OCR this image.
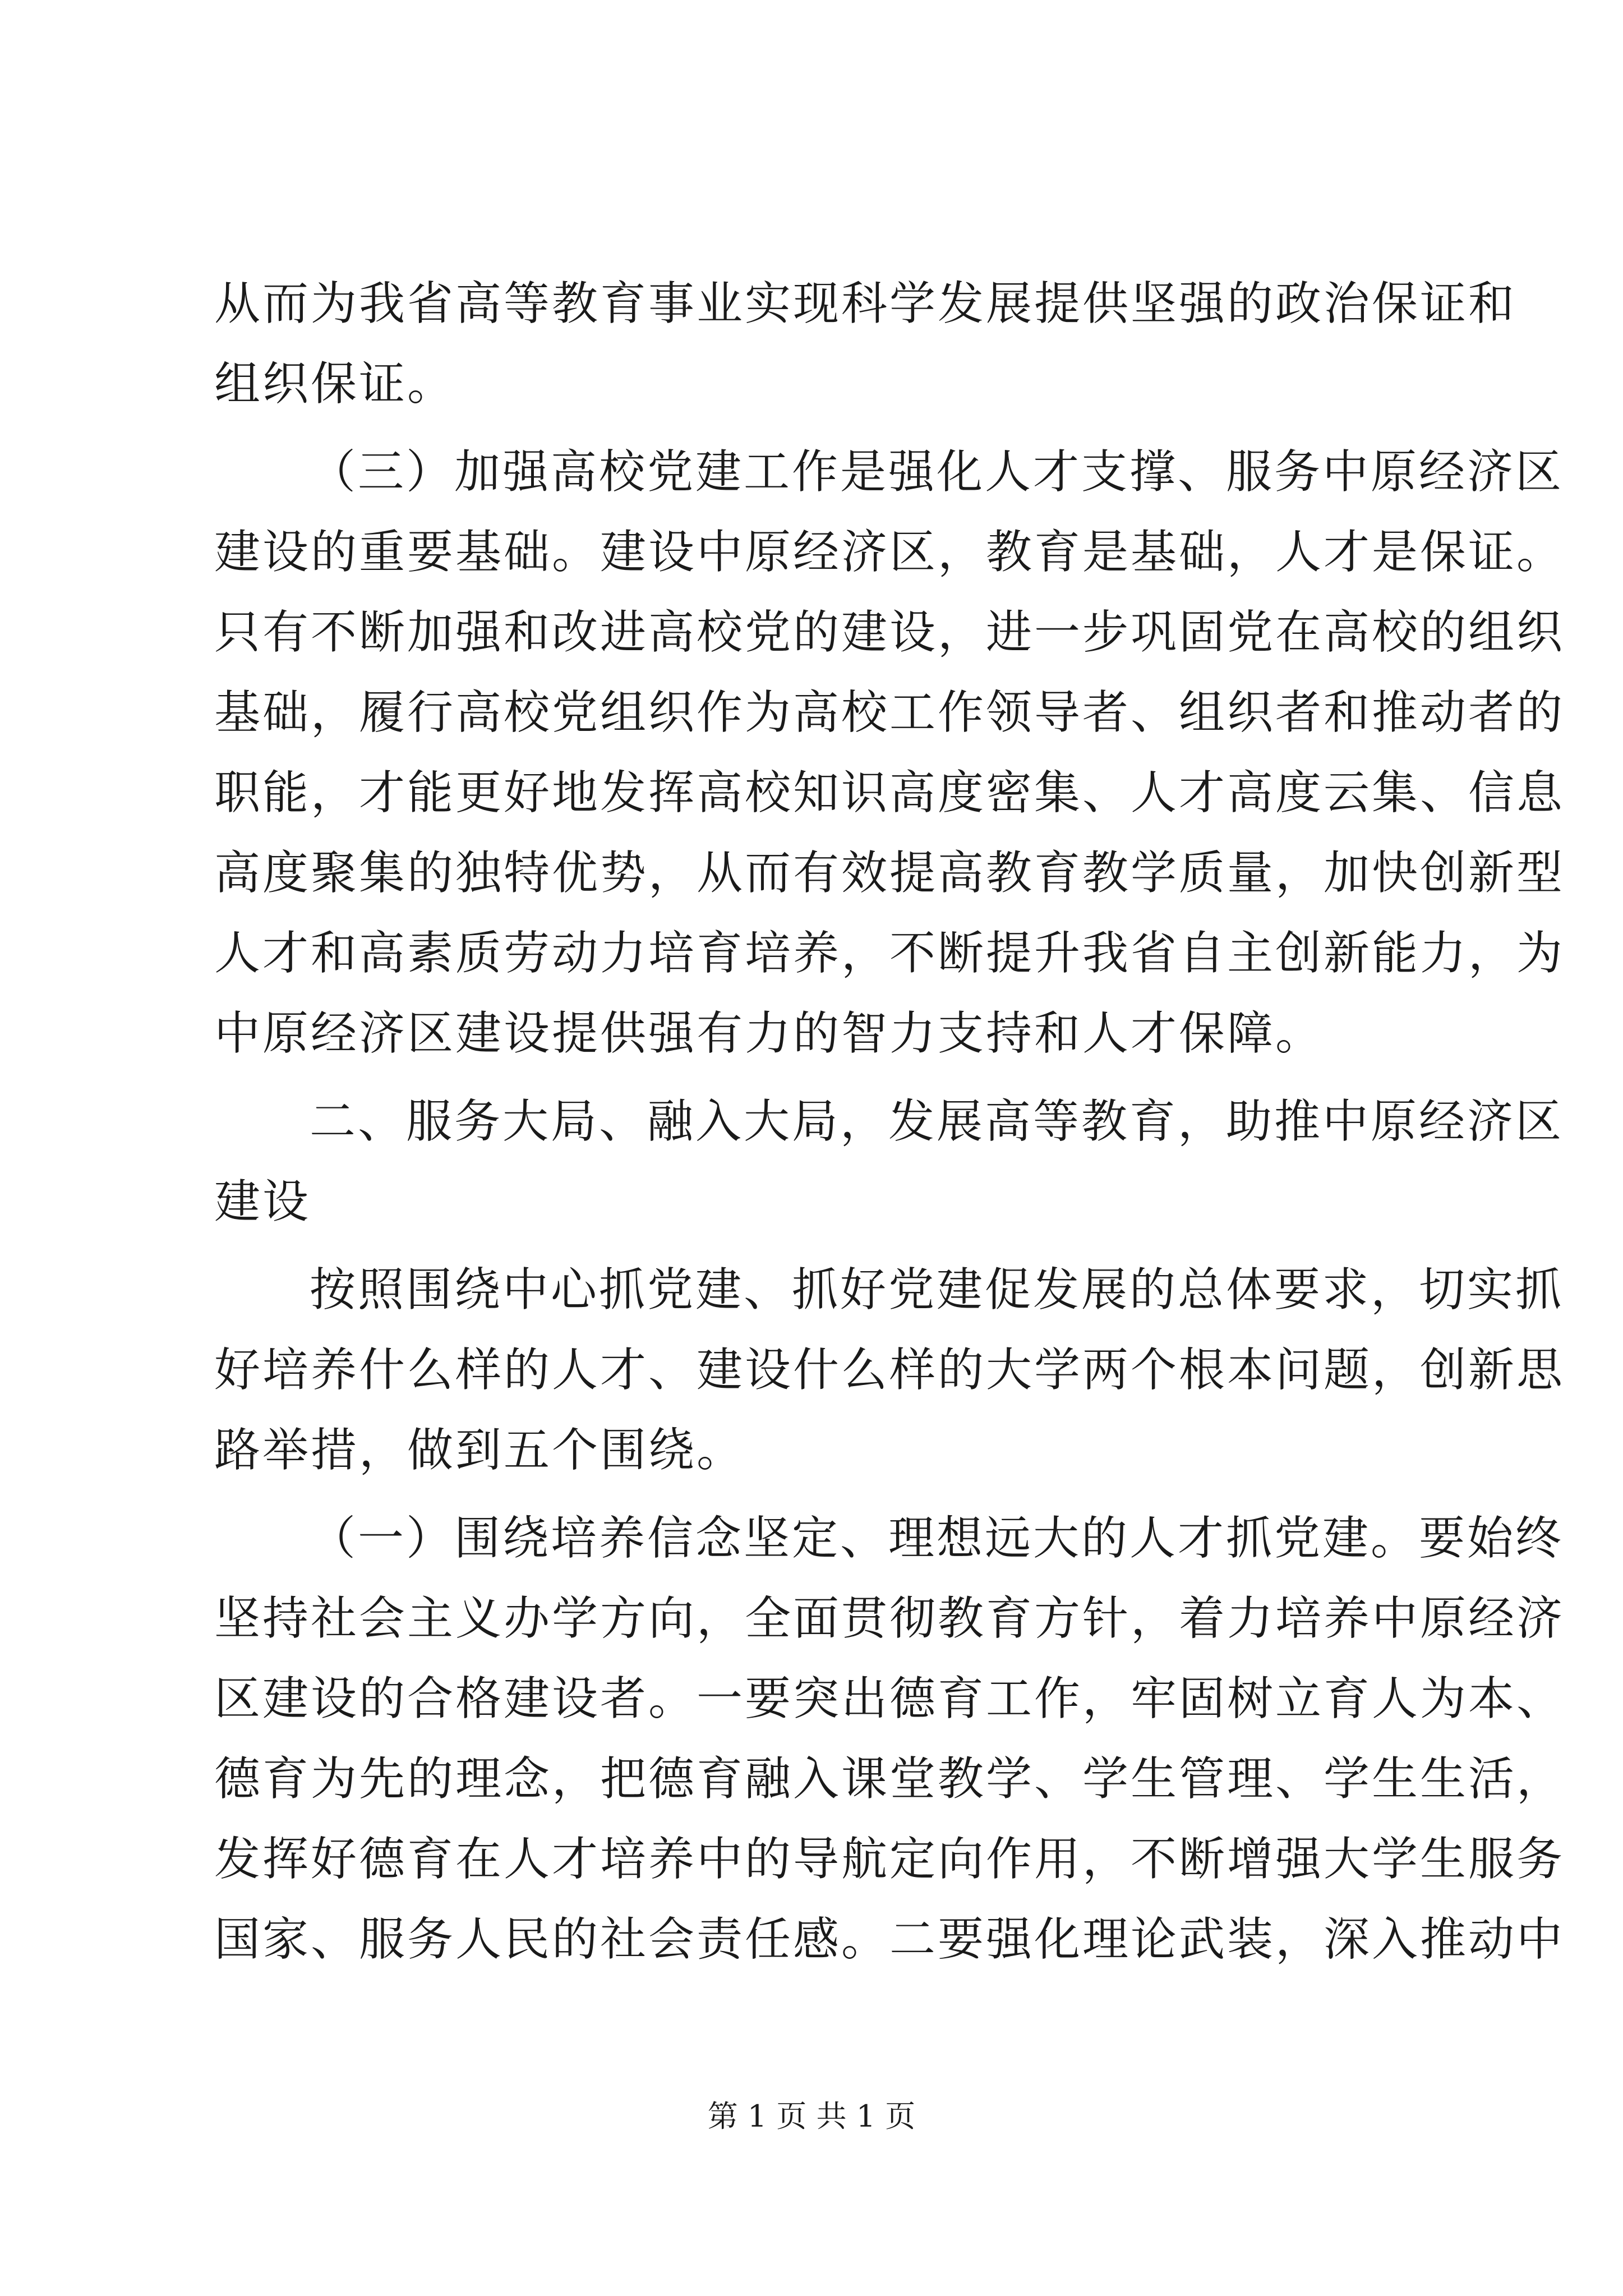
从而为我省高等教育事业实现科学发展提供坚强的政治保证和
组织保证。
（三）加强高校党建工作是强化人才支撑、服务中原经济区
建设的重要基础。建设中原经济区，教育是基础，人才是保证。
只有不断加强和改进高校党的建设，进一步巩固党在高校的组织
基础，履行高校党组织作为高校工作领导者、组织者和推动者的
职能，才能更好地发挥高校知识高度密集、人才高度云集、信息
高度聚集的独特优势，从而有效提高教育教学质量，加快创新型
人才和高素质劳动力培育培养，不断提升我省自主创新能力，为
中原经济区建设提供强有力的智力支持和人才保障。
二、服务大局、融入大局，发展高等教育，助推中原经济区
建设
按照围绕中心抓党建、抓好党建促发展的总体要求，切实抓
好培养什么样的人才、建设什么样的大学两个根本问题，创新思
路举措，做到五个围绕。
（一）围绕培养信念坚定、理想远大的人才抓党建。要始终
坚持社会主义办学方向，全面贯彻教育方针，着力培养中原经济
区建设的合格建设者。一要突出德育工作，牢固树立育人为本、
德育为先的理念，把德育融入课堂教学、学生管理、学生生活，
发挥好德育在人才培养中的导航定向作用，不断增强大学生服务
国家、服务人民的社会责任感。二要强化理论武装，深入推动中
第 1 页 共 1 页
